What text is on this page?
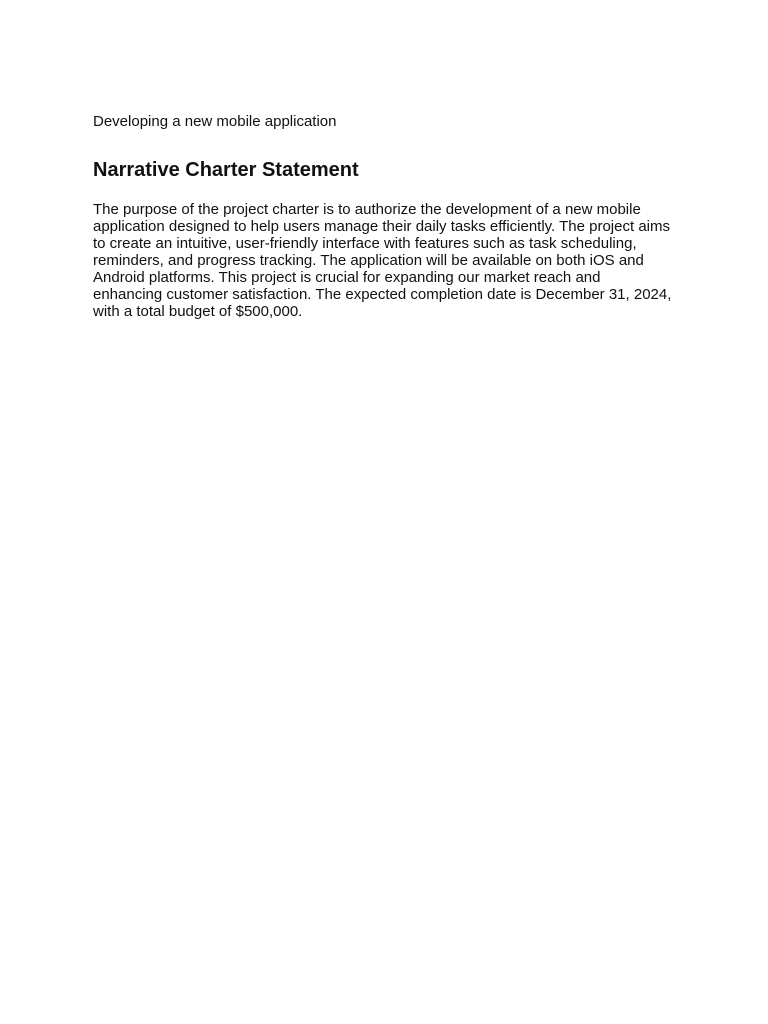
Developing a new mobile application

Narrative Charter Statement

The purpose of the project charter is to authorize the development of a new mobile application designed to help users manage their daily tasks efficiently. The project aims to create an intuitive, user-friendly interface with features such as task scheduling, reminders, and progress tracking. The application will be available on both iOS and Android platforms. This project is crucial for expanding our market reach and enhancing customer satisfaction. The expected completion date is December 31, 2024, with a total budget of $500,000.
